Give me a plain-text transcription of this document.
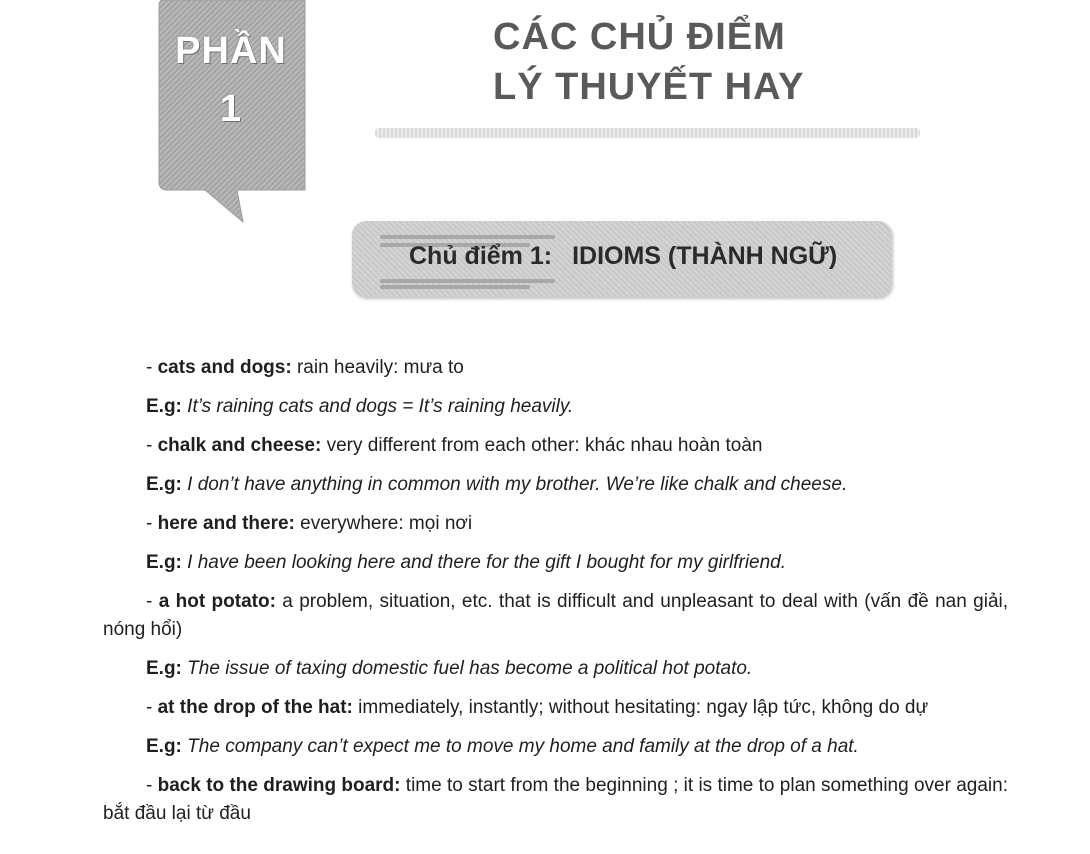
PHẦN
1
CÁC CHỦ ĐIỂM
LÝ THUYẾT HAY
Chủ điểm 1: IDIOMS (THÀNH NGỮ)

- cats and dogs: rain heavily: mưa to

E.g: It’s raining cats and dogs = It’s raining heavily.

- chalk and cheese: very different from each other: khác nhau hoàn toàn

E.g: I don’t have anything in common with my brother. We’re like chalk and cheese.

- here and there: everywhere: mọi nơi

E.g: I have been looking here and there for the gift I bought for my girlfriend.

- a hot potato: a problem, situation, etc. that is difficult and unpleasant to deal with (vấn đề nan giải, nóng hổi)

E.g: The issue of taxing domestic fuel has become a political hot potato.

- at the drop of the hat: immediately, instantly; without hesitating: ngay lập tức, không do dự

E.g: The company can’t expect me to move my home and family at the drop of a hat.

- back to the drawing board: time to start from the beginning ; it is time to plan something over again: bắt đầu lại từ đầu
